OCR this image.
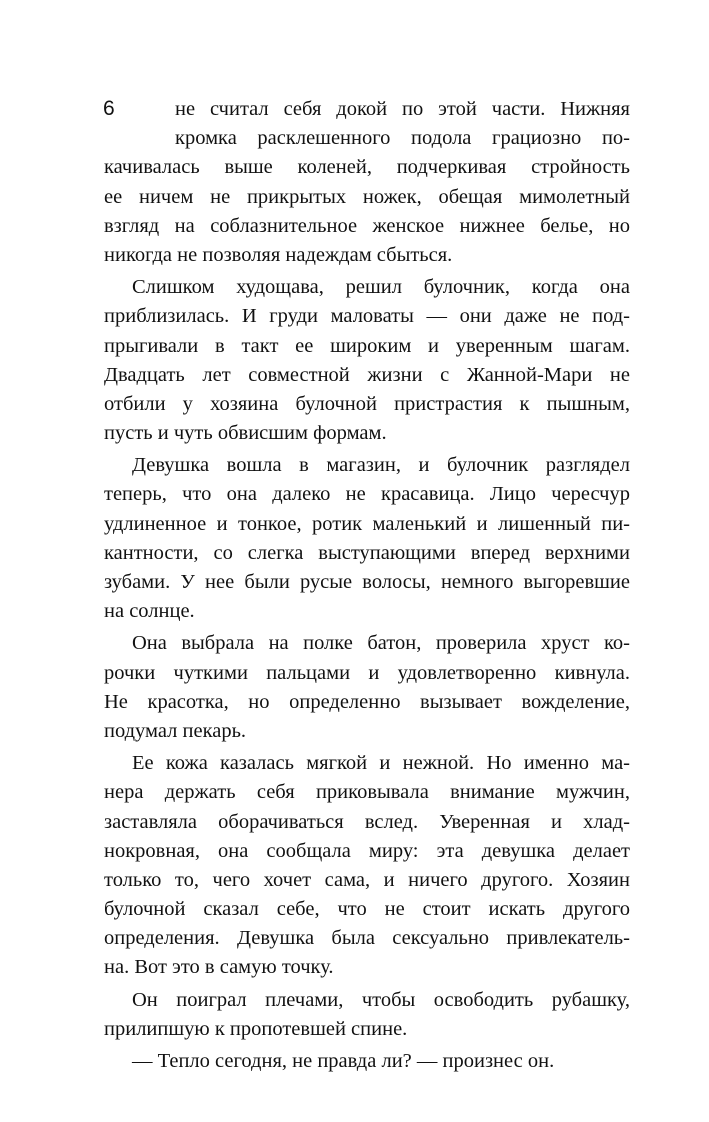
6	не считал себя докой по этой части. Нижняя
кромка расклешенного подола грациозно по-
качивалась выше коленей, подчеркивая стройность
ее ничем не прикрытых ножек, обещая мимолетный
взгляд на соблазнительное женское нижнее белье, но
никогда не позволяя надеждам сбыться.
Слишком худощава, решил булочник, когда она
приблизилась. И груди маловаты — они даже не под-
прыгивали в такт ее широким и уверенным шагам.
Двадцать лет совместной жизни с Жанной-Мари не
отбили у хозяина булочной пристрастия к пышным,
пусть и чуть обвисшим формам.
Девушка вошла в магазин, и булочник разглядел
теперь, что она далеко не красавица. Лицо чересчур
удлиненное и тонкое, ротик маленький и лишенный пи-
кантности, со слегка выступающими вперед верхними
зубами. У нее были русые волосы, немного выгоревшие
на солнце.
Она выбрала на полке батон, проверила хруст ко-
рочки чуткими пальцами и удовлетворенно кивнула.
Не красотка, но определенно вызывает вожделение,
подумал пекарь.
Ее кожа казалась мягкой и нежной. Но именно ма-
нера держать себя приковывала внимание мужчин,
заставляла оборачиваться вслед. Уверенная и хлад-
нокровная, она сообщала миру: эта девушка делает
только то, чего хочет сама, и ничего другого. Хозяин
булочной сказал себе, что не стоит искать другого
определения. Девушка была сексуально привлекатель-
на. Вот это в самую точку.
Он поиграл плечами, чтобы освободить рубашку,
прилипшую к пропотевшей спине.
— Тепло сегодня, не правда ли? — произнес он.
